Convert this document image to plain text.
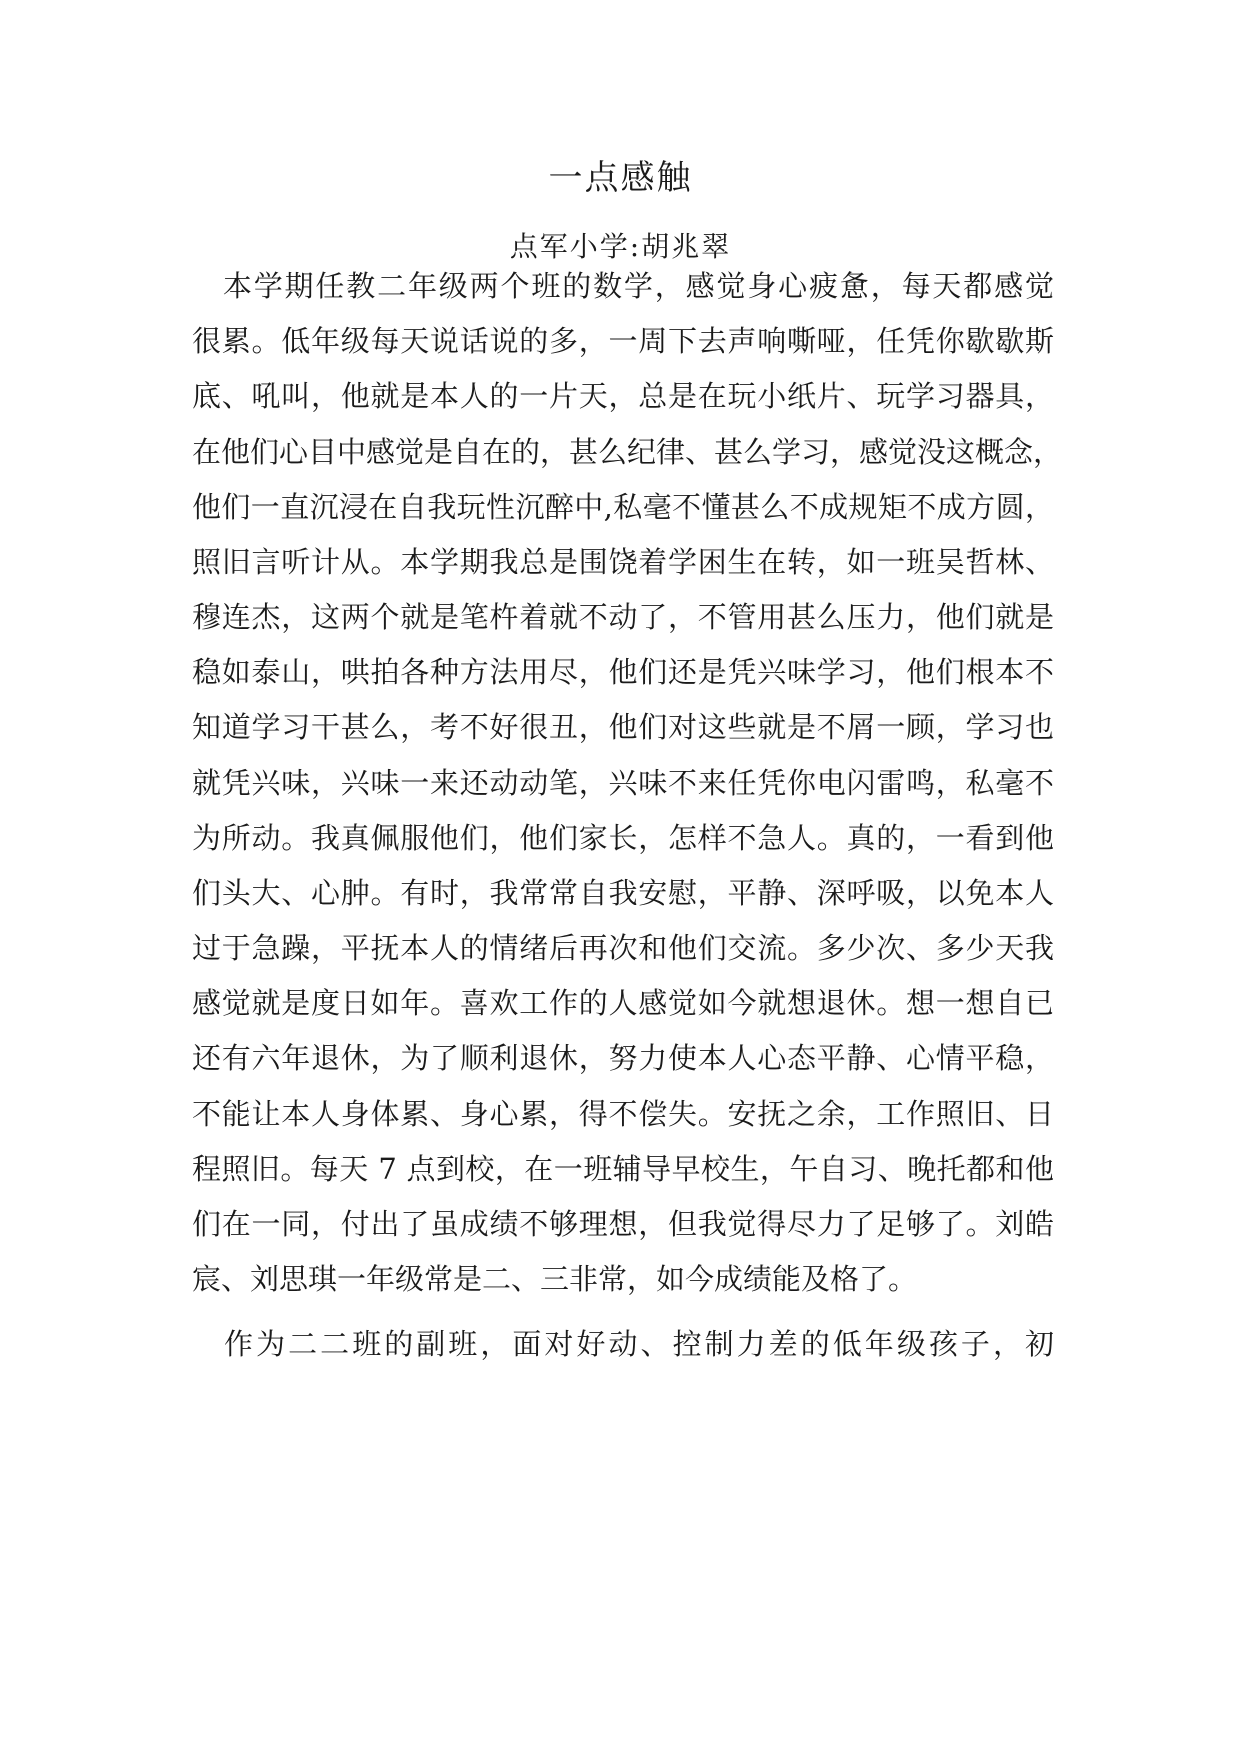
一点感触
点军小学:胡兆翠
　本学期任教二年级两个班的数学，感觉身心疲惫，每天都感觉
很累。低年级每天说话说的多，一周下去声响嘶哑，任凭你歇歇斯
底、吼叫，他就是本人的一片天，总是在玩小纸片、玩学习器具，
在他们心目中感觉是自在的，甚么纪律、甚么学习，感觉没这概念，
他们一直沉浸在自我玩性沉醉中,私毫不懂甚么不成规矩不成方圆，
照旧言听计从。本学期我总是围饶着学困生在转，如一班吴哲林、
穆连杰，这两个就是笔杵着就不动了，不管用甚么压力，他们就是
稳如泰山，哄拍各种方法用尽，他们还是凭兴味学习，他们根本不
知道学习干甚么，考不好很丑，他们对这些就是不屑一顾，学习也
就凭兴味，兴味一来还动动笔，兴味不来任凭你电闪雷鸣，私毫不
为所动。我真佩服他们，他们家长，怎样不急人。真的，一看到他
们头大、心肿。有时，我常常自我安慰，平静、深呼吸，以免本人
过于急躁，平抚本人的情绪后再次和他们交流。多少次、多少天我
感觉就是度日如年。喜欢工作的人感觉如今就想退休。想一想自已
还有六年退休，为了顺利退休，努力使本人心态平静、心情平稳，
不能让本人身体累、身心累，得不偿失。安抚之余，工作照旧、日
程照旧。每天 7 点到校，在一班辅导早校生，午自习、晚托都和他
们在一同，付出了虽成绩不够理想，但我觉得尽力了足够了。刘皓
宸、刘思琪一年级常是二、三非常，如今成绩能及格了。
　作为二二班的副班，面对好动、控制力差的低年级孩子，初
